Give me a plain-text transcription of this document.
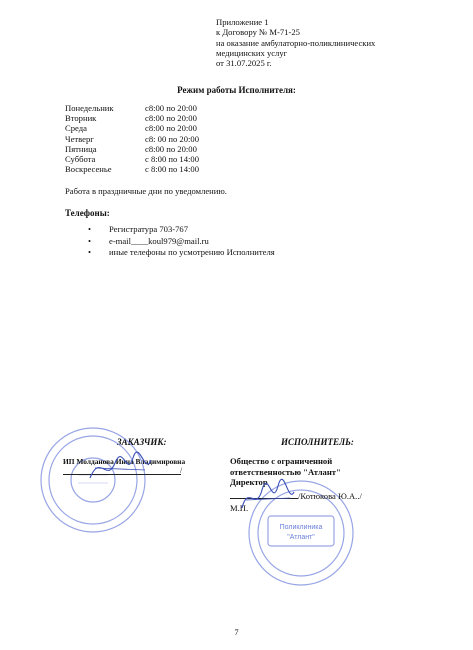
Приложение 1
к Договору № М-71-25
на оказание амбулаторно-поликлинических
медицинских услуг
от 31.07.2025 г.
Режим работы Исполнителя:
Понедельник	с8:00 по 20:00
Вторник	с8:00 по 20:00
Среда	с8:00 по 20:00
Четверг	с8: 00 по 20:00
Пятница	с8:00 по 20:00
Суббота	с 8:00 по 14:00
Воскресенье	с 8:00 по 14:00
Работа в праздничные дни по уведомлению.
Телефоны:
• Регистратура 703-767
• e-mail____koul979@mail.ru
• иные телефоны по усмотрению Исполнителя
ЗАКАЗЧИК:	ИСПОЛНИТЕЛЬ:
ИП Молданова Инна Владимировна
/
Поликлиника
"Атлант"
Общество с ограниченной
ответственностью "Атлант"
Директор
/Котюкова Ю.А../
М.П.
7
